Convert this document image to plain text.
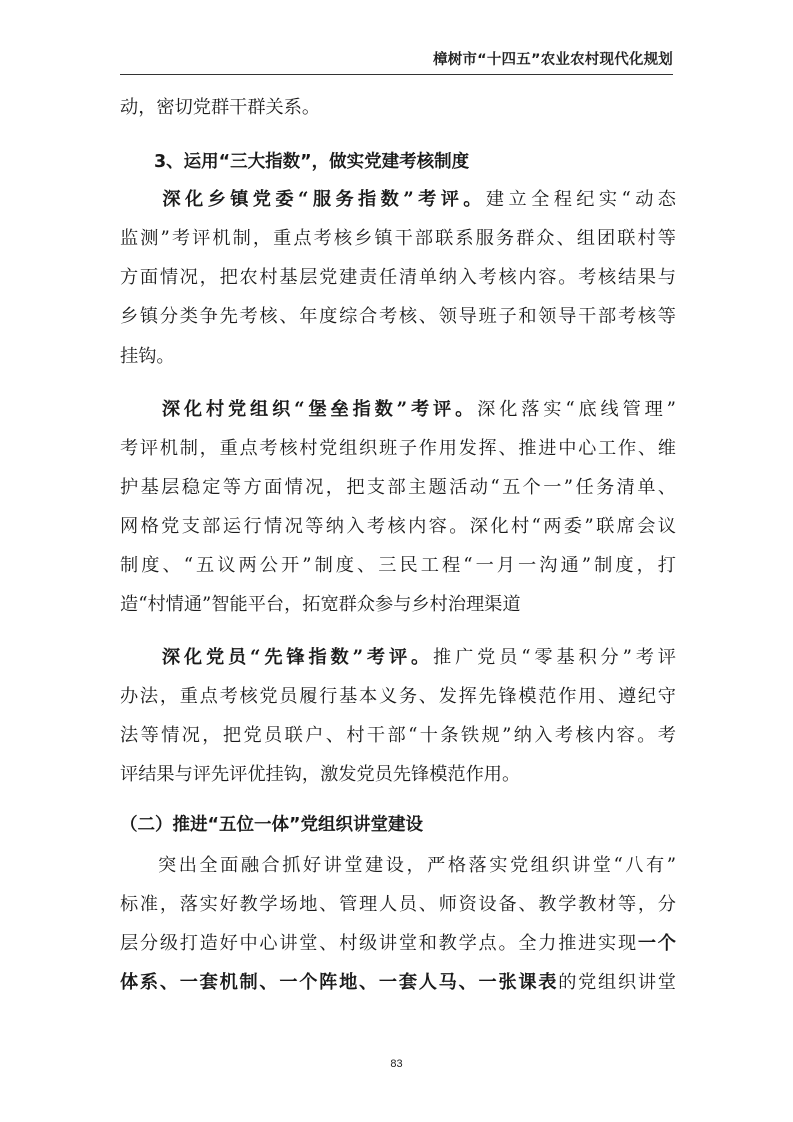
樟树市“十四五”农业农村现代化规划
动，密切党群干群关系。
3、运用“三大指数”，做实党建考核制度
深化乡镇党委“服务指数”考评。建立全程纪实“动态
监测”考评机制，重点考核乡镇干部联系服务群众、组团联村等
方面情况，把农村基层党建责任清单纳入考核内容。考核结果与
乡镇分类争先考核、年度综合考核、领导班子和领导干部考核等
挂钩。
深化村党组织“堡垒指数”考评。深化落实“底线管理”
考评机制，重点考核村党组织班子作用发挥、推进中心工作、维
护基层稳定等方面情况，把支部主题活动“五个一”任务清单、
网格党支部运行情况等纳入考核内容。深化村“两委”联席会议
制度、“五议两公开”制度、三民工程“一月一沟通”制度，打
造“村情通”智能平台，拓宽群众参与乡村治理渠道
深化党员“先锋指数”考评。推广党员“零基积分”考评
办法，重点考核党员履行基本义务、发挥先锋模范作用、遵纪守
法等情况，把党员联户、村干部“十条铁规”纳入考核内容。考
评结果与评先评优挂钩，激发党员先锋模范作用。
（二）推进“五位一体”党组织讲堂建设
突出全面融合抓好讲堂建设，严格落实党组织讲堂“八有”
标准，落实好教学场地、管理人员、师资设备、教学教材等，分
层分级打造好中心讲堂、村级讲堂和教学点。全力推进实现一个
体系、一套机制、一个阵地、一套人马、一张课表的党组织讲堂
83
